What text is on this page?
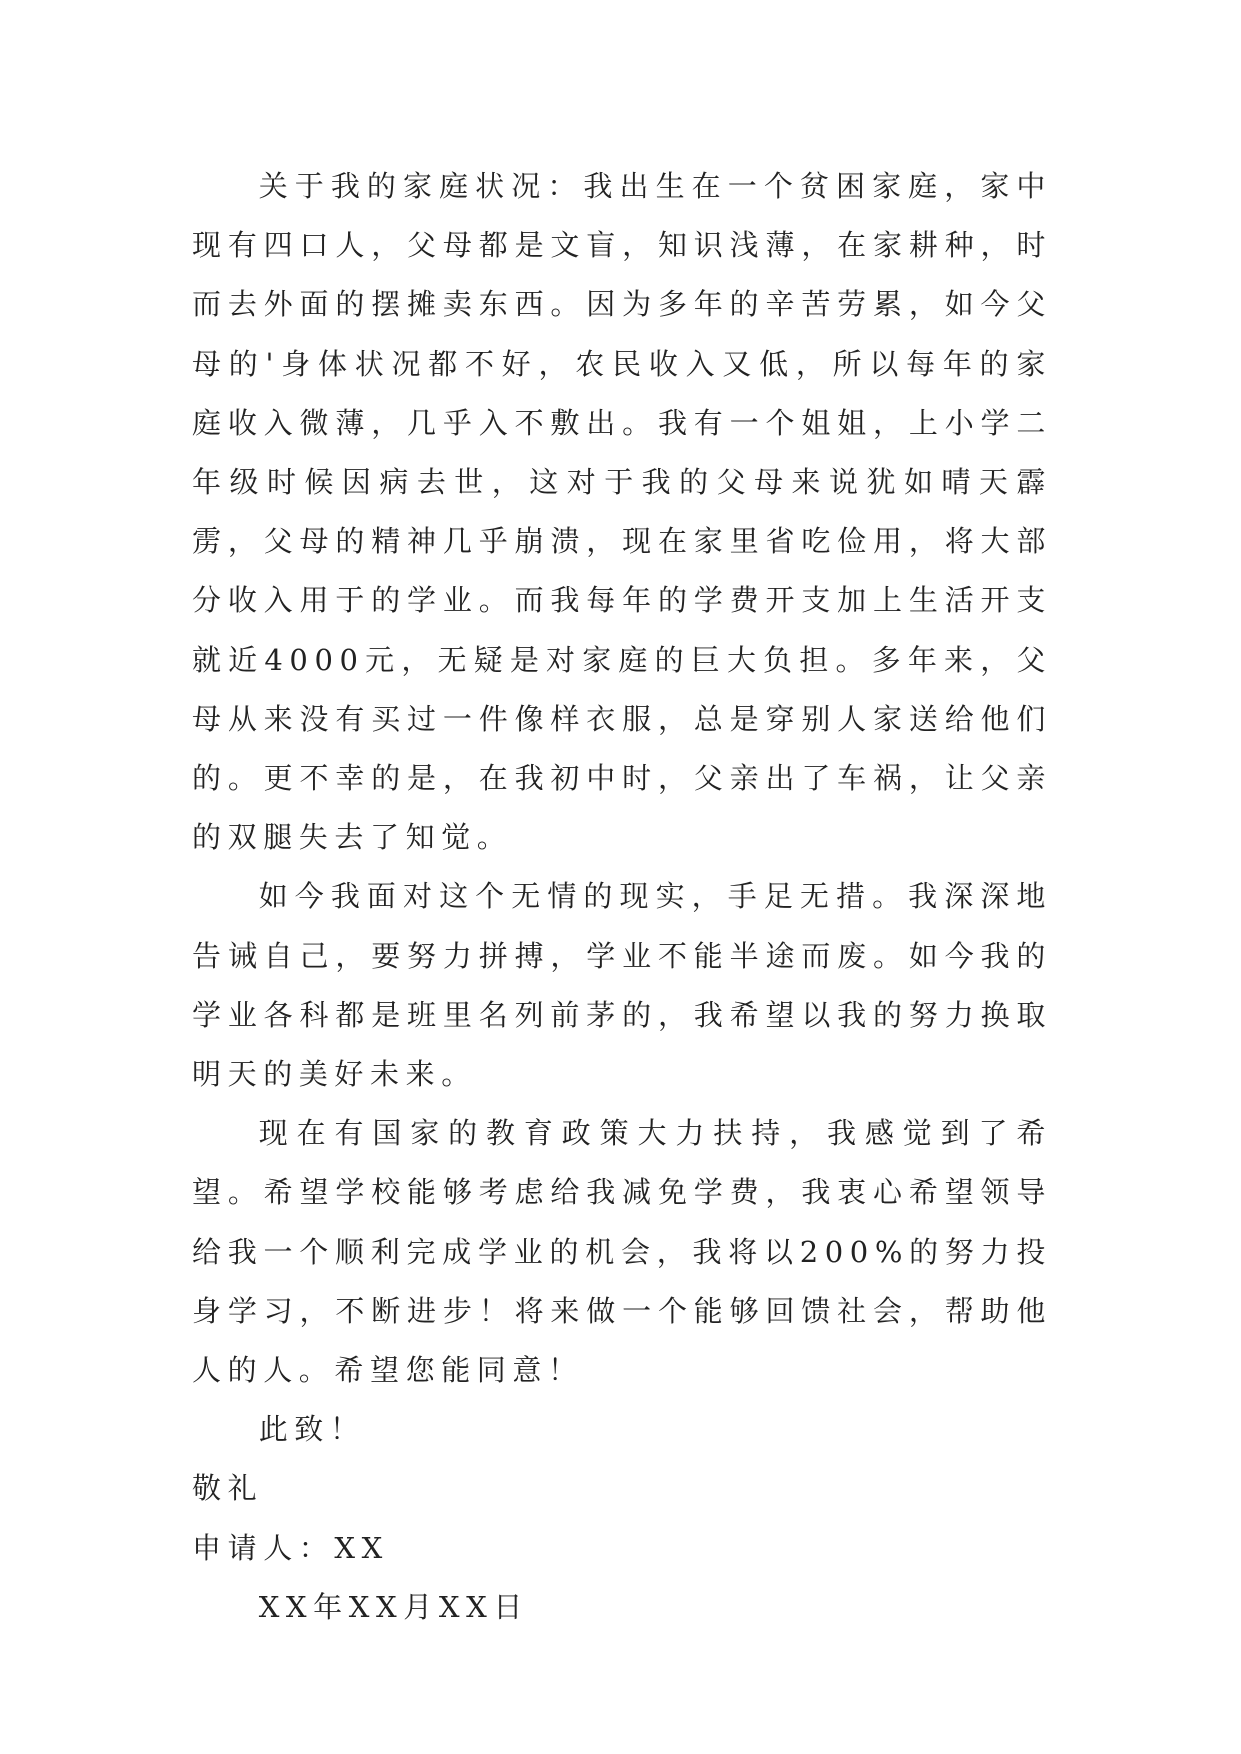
关于我的家庭状况：我出生在一个贫困家庭，家中现有四口人，父母都是文盲，知识浅薄，在家耕种，时而去外面的摆摊卖东西。因为多年的辛苦劳累，如今父母的'身体状况都不好，农民收入又低，所以每年的家庭收入微薄，几乎入不敷出。我有一个姐姐，上小学二年级时候因病去世，这对于我的父母来说犹如晴天霹雳，父母的精神几乎崩溃，现在家里省吃俭用，将大部分收入用于的学业。而我每年的学费开支加上生活开支就近4000元，无疑是对家庭的巨大负担。多年来，父母从来没有买过一件像样衣服，总是穿别人家送给他们的。更不幸的是，在我初中时，父亲出了车祸，让父亲的双腿失去了知觉。

如今我面对这个无情的现实，手足无措。我深深地告诫自己，要努力拼搏，学业不能半途而废。如今我的学业各科都是班里名列前茅的，我希望以我的努力换取明天的美好未来。

现在有国家的教育政策大力扶持，我感觉到了希望。希望学校能够考虑给我减免学费，我衷心希望领导给我一个顺利完成学业的机会，我将以200%的努力投身学习，不断进步！将来做一个能够回馈社会，帮助他人的人。希望您能同意！

此致！

敬礼

申请人：XX

XX年XX月XX日
